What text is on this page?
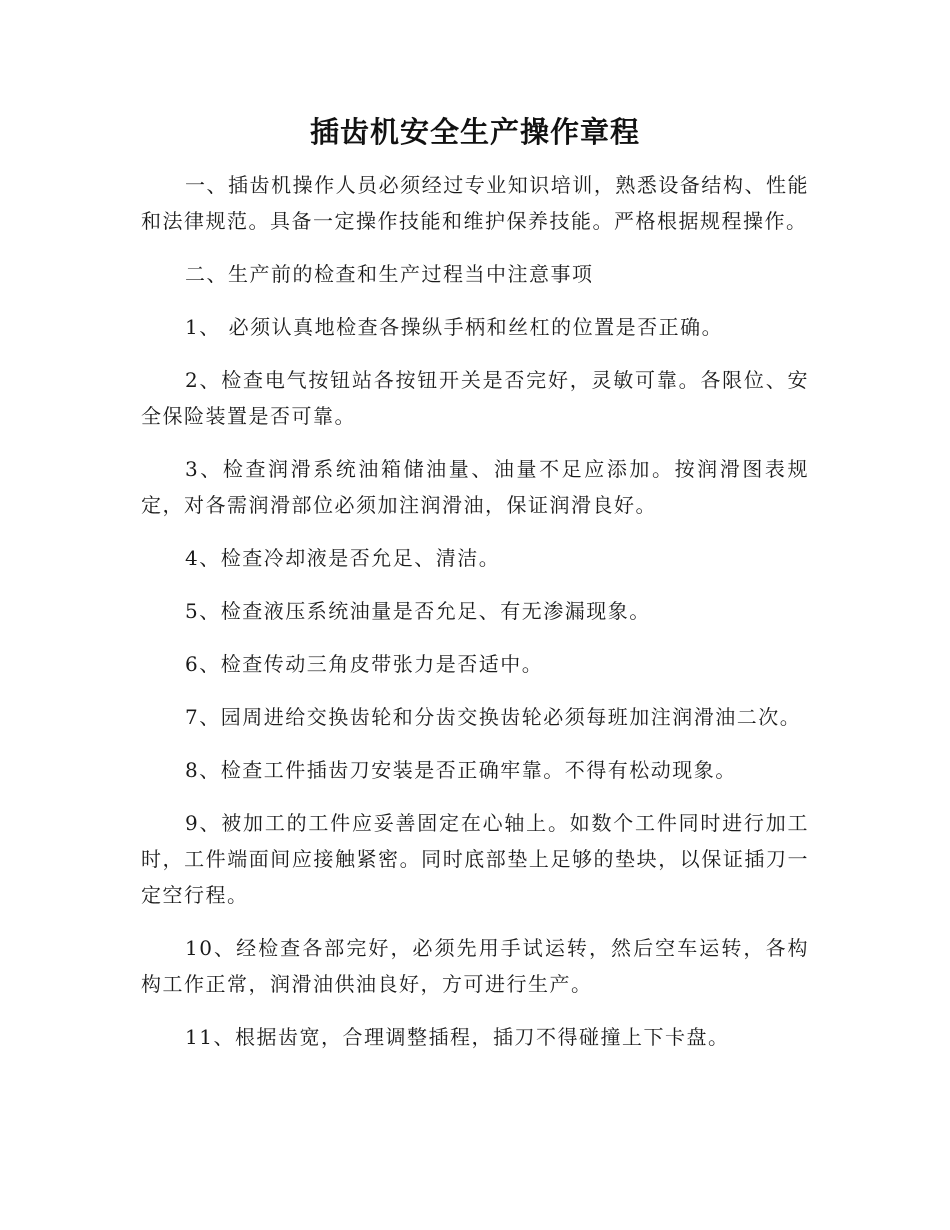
插齿机安全生产操作章程

一、插齿机操作人员必须经过专业知识培训，熟悉设备结构、性能和法律规范。具备一定操作技能和维护保养技能。严格根据规程操作。

二、生产前的检查和生产过程当中注意事项

1、 必须认真地检查各操纵手柄和丝杠的位置是否正确。

2、检查电气按钮站各按钮开关是否完好，灵敏可靠。各限位、安全保险装置是否可靠。

3、检查润滑系统油箱储油量、油量不足应添加。按润滑图表规定，对各需润滑部位必须加注润滑油，保证润滑良好。

4、检查冷却液是否允足、清洁。

5、检查液压系统油量是否允足、有无渗漏现象。

6、检查传动三角皮带张力是否适中。

7、园周进给交换齿轮和分齿交换齿轮必须每班加注润滑油二次。

8、检查工件插齿刀安装是否正确牢靠。不得有松动现象。

9、被加工的工件应妥善固定在心轴上。如数个工件同时进行加工时，工件端面间应接触紧密。同时底部垫上足够的垫块，以保证插刀一定空行程。

10、经检查各部完好，必须先用手试运转，然后空车运转，各构构工作正常，润滑油供油良好，方可进行生产。

11、根据齿宽，合理调整插程，插刀不得碰撞上下卡盘。
